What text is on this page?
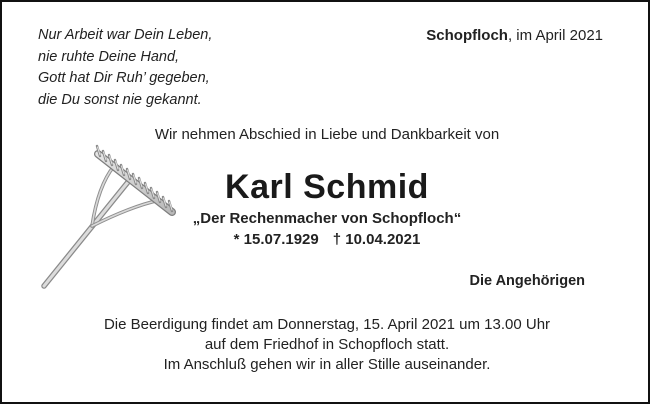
Nur Arbeit war Dein Leben,
nie ruhte Deine Hand,
Gott hat Dir Ruh’ gegeben,
die Du sonst nie gekannt.
Schopfloch, im April 2021
Wir nehmen Abschied in Liebe und Dankbarkeit von
Karl Schmid
„Der Rechenmacher von Schopfloch“
* 15.07.1929 † 10.04.2021
Die Angehörigen
Die Beerdigung findet am Donnerstag, 15. April 2021 um 13.00 Uhr
auf dem Friedhof in Schopfloch statt.
Im Anschluß gehen wir in aller Stille auseinander.
